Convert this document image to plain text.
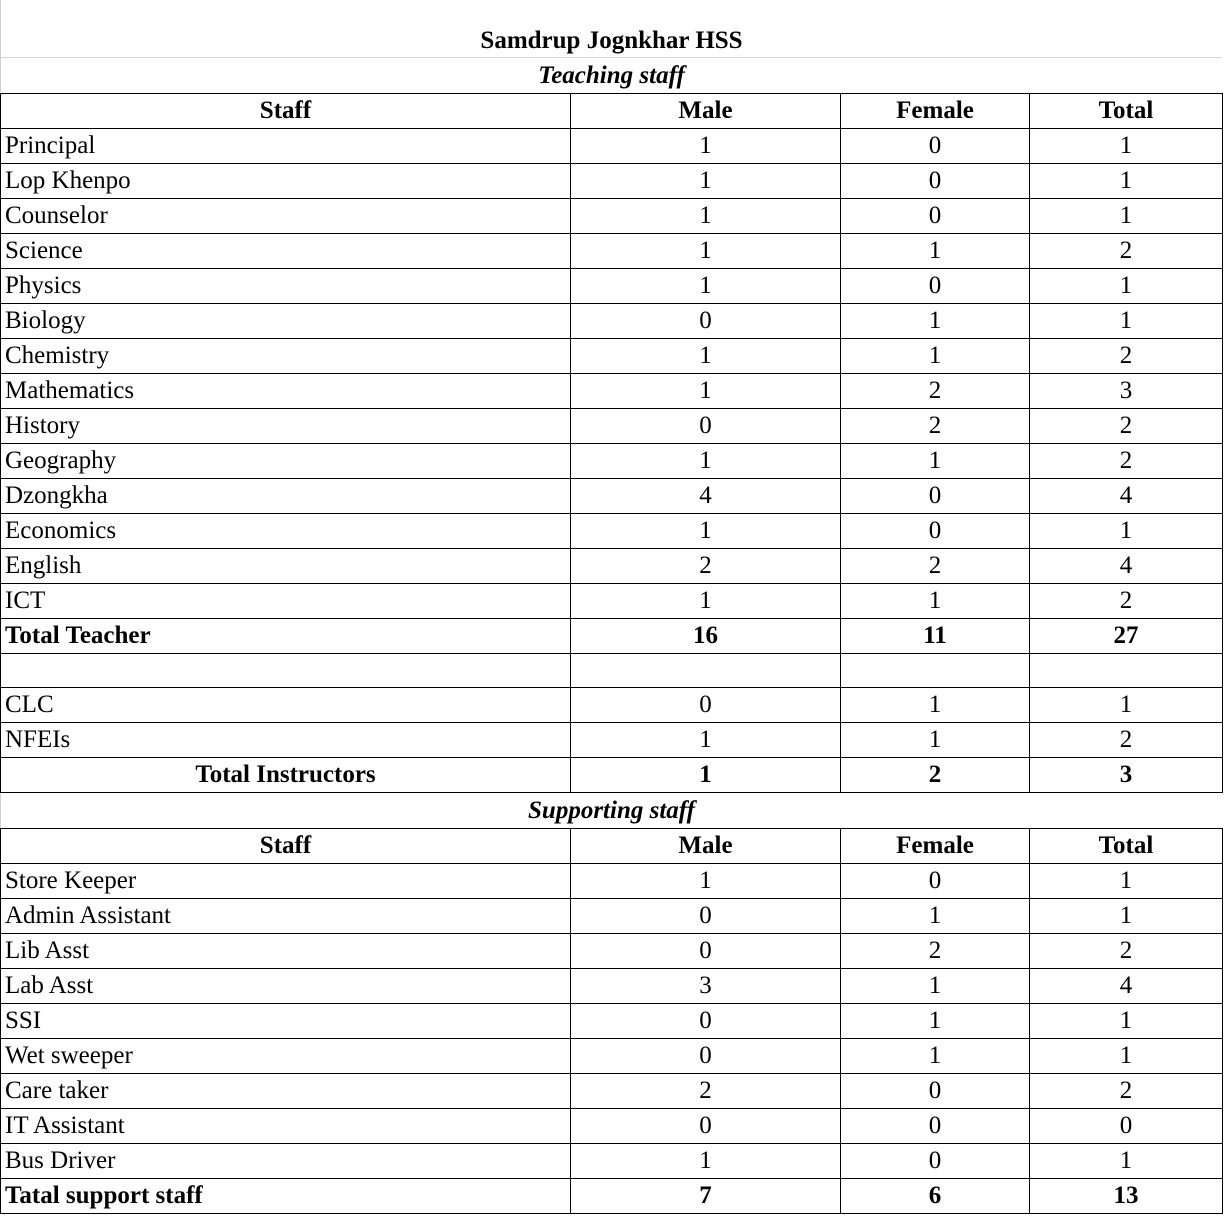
Samdrup Jognkhar HSS
Teaching staff
Staff	Male	Female	Total
Principal	1	0	1
Lop Khenpo	1	0	1
Counselor	1	0	1
Science	1	1	2
Physics	1	0	1
Biology	0	1	1
Chemistry	1	1	2
Mathematics	1	2	3
History	0	2	2
Geography	1	1	2
Dzongkha	4	0	4
Economics	1	0	1
English	2	2	4
ICT	1	1	2
Total Teacher	16	11	27

CLC	0	1	1
NFEIs	1	1	2
Total Instructors	1	2	3
Supporting staff
Staff	Male	Female	Total
Store Keeper	1	0	1
Admin Assistant	0	1	1
Lib Asst	0	2	2
Lab Asst	3	1	4
SSI	0	1	1
Wet sweeper	0	1	1
Care taker	2	0	2
IT Assistant	0	0	0
Bus Driver	1	0	1
Tatal support staff	7	6	13
